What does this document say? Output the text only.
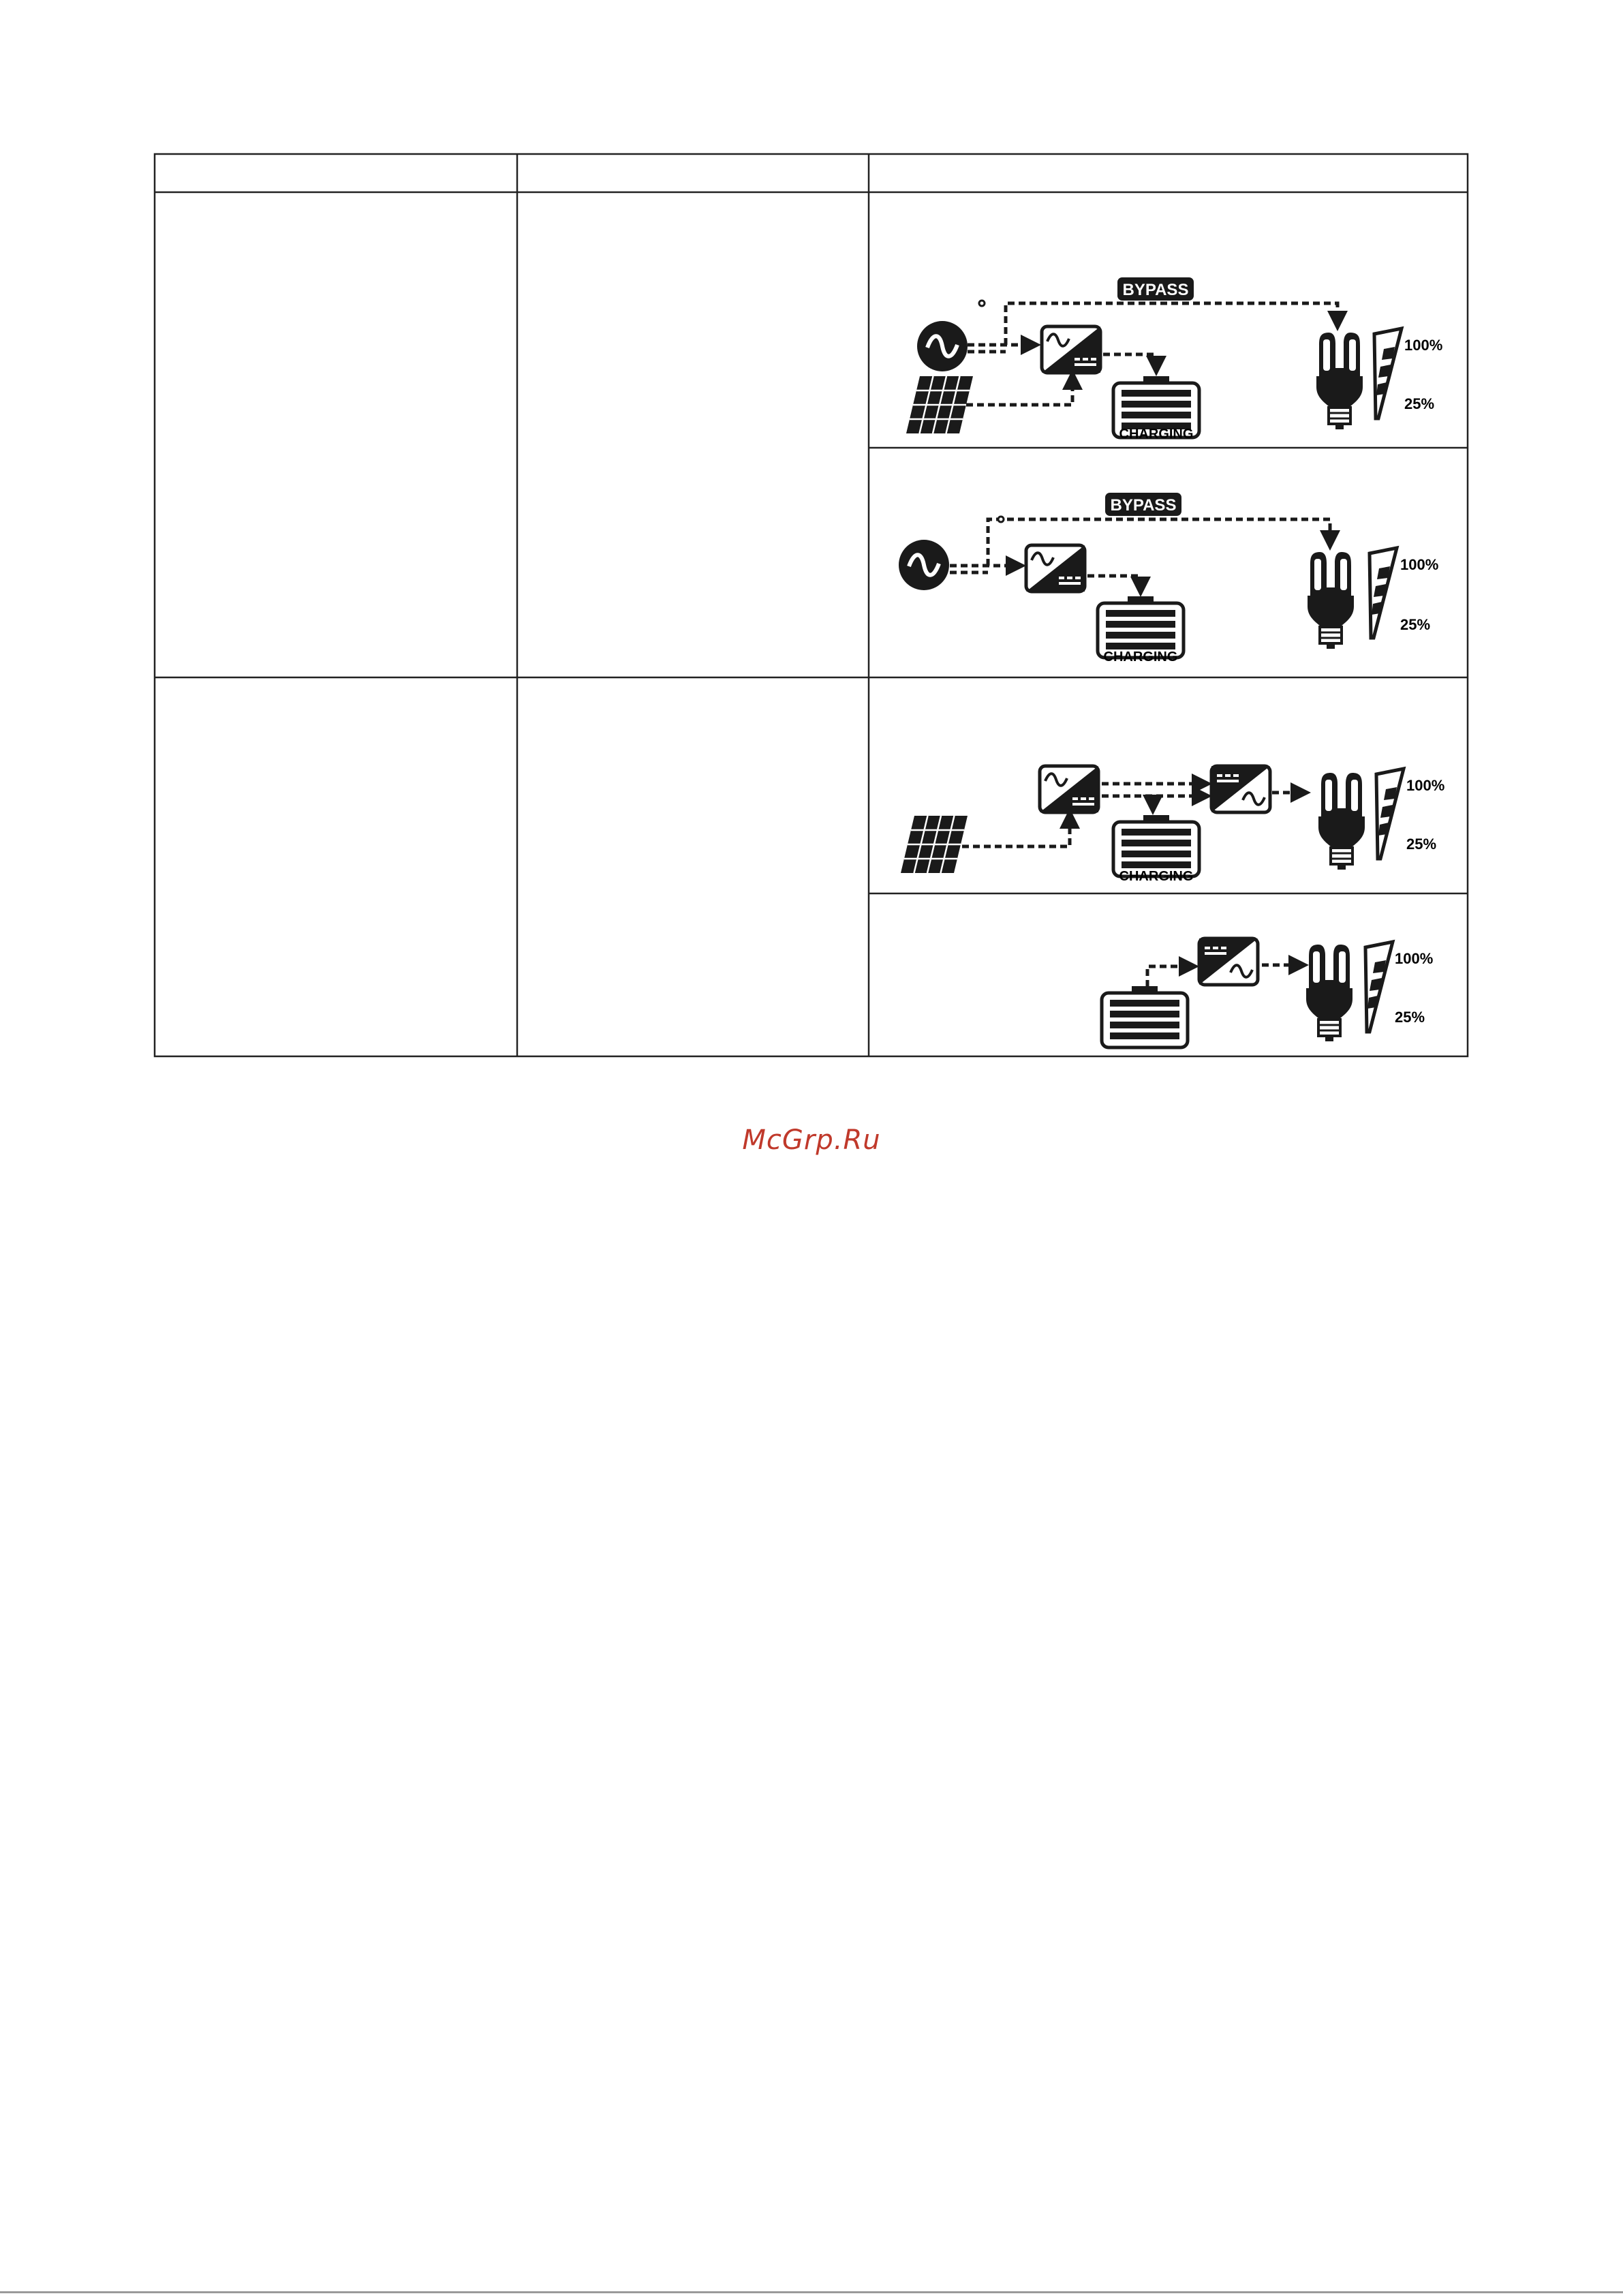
BYPASS
CHARGING
100%
25%
BYPASS
CHARGING
100%
25%
CHARGING
100%
25%
100%
25%
McGrp.Ru
